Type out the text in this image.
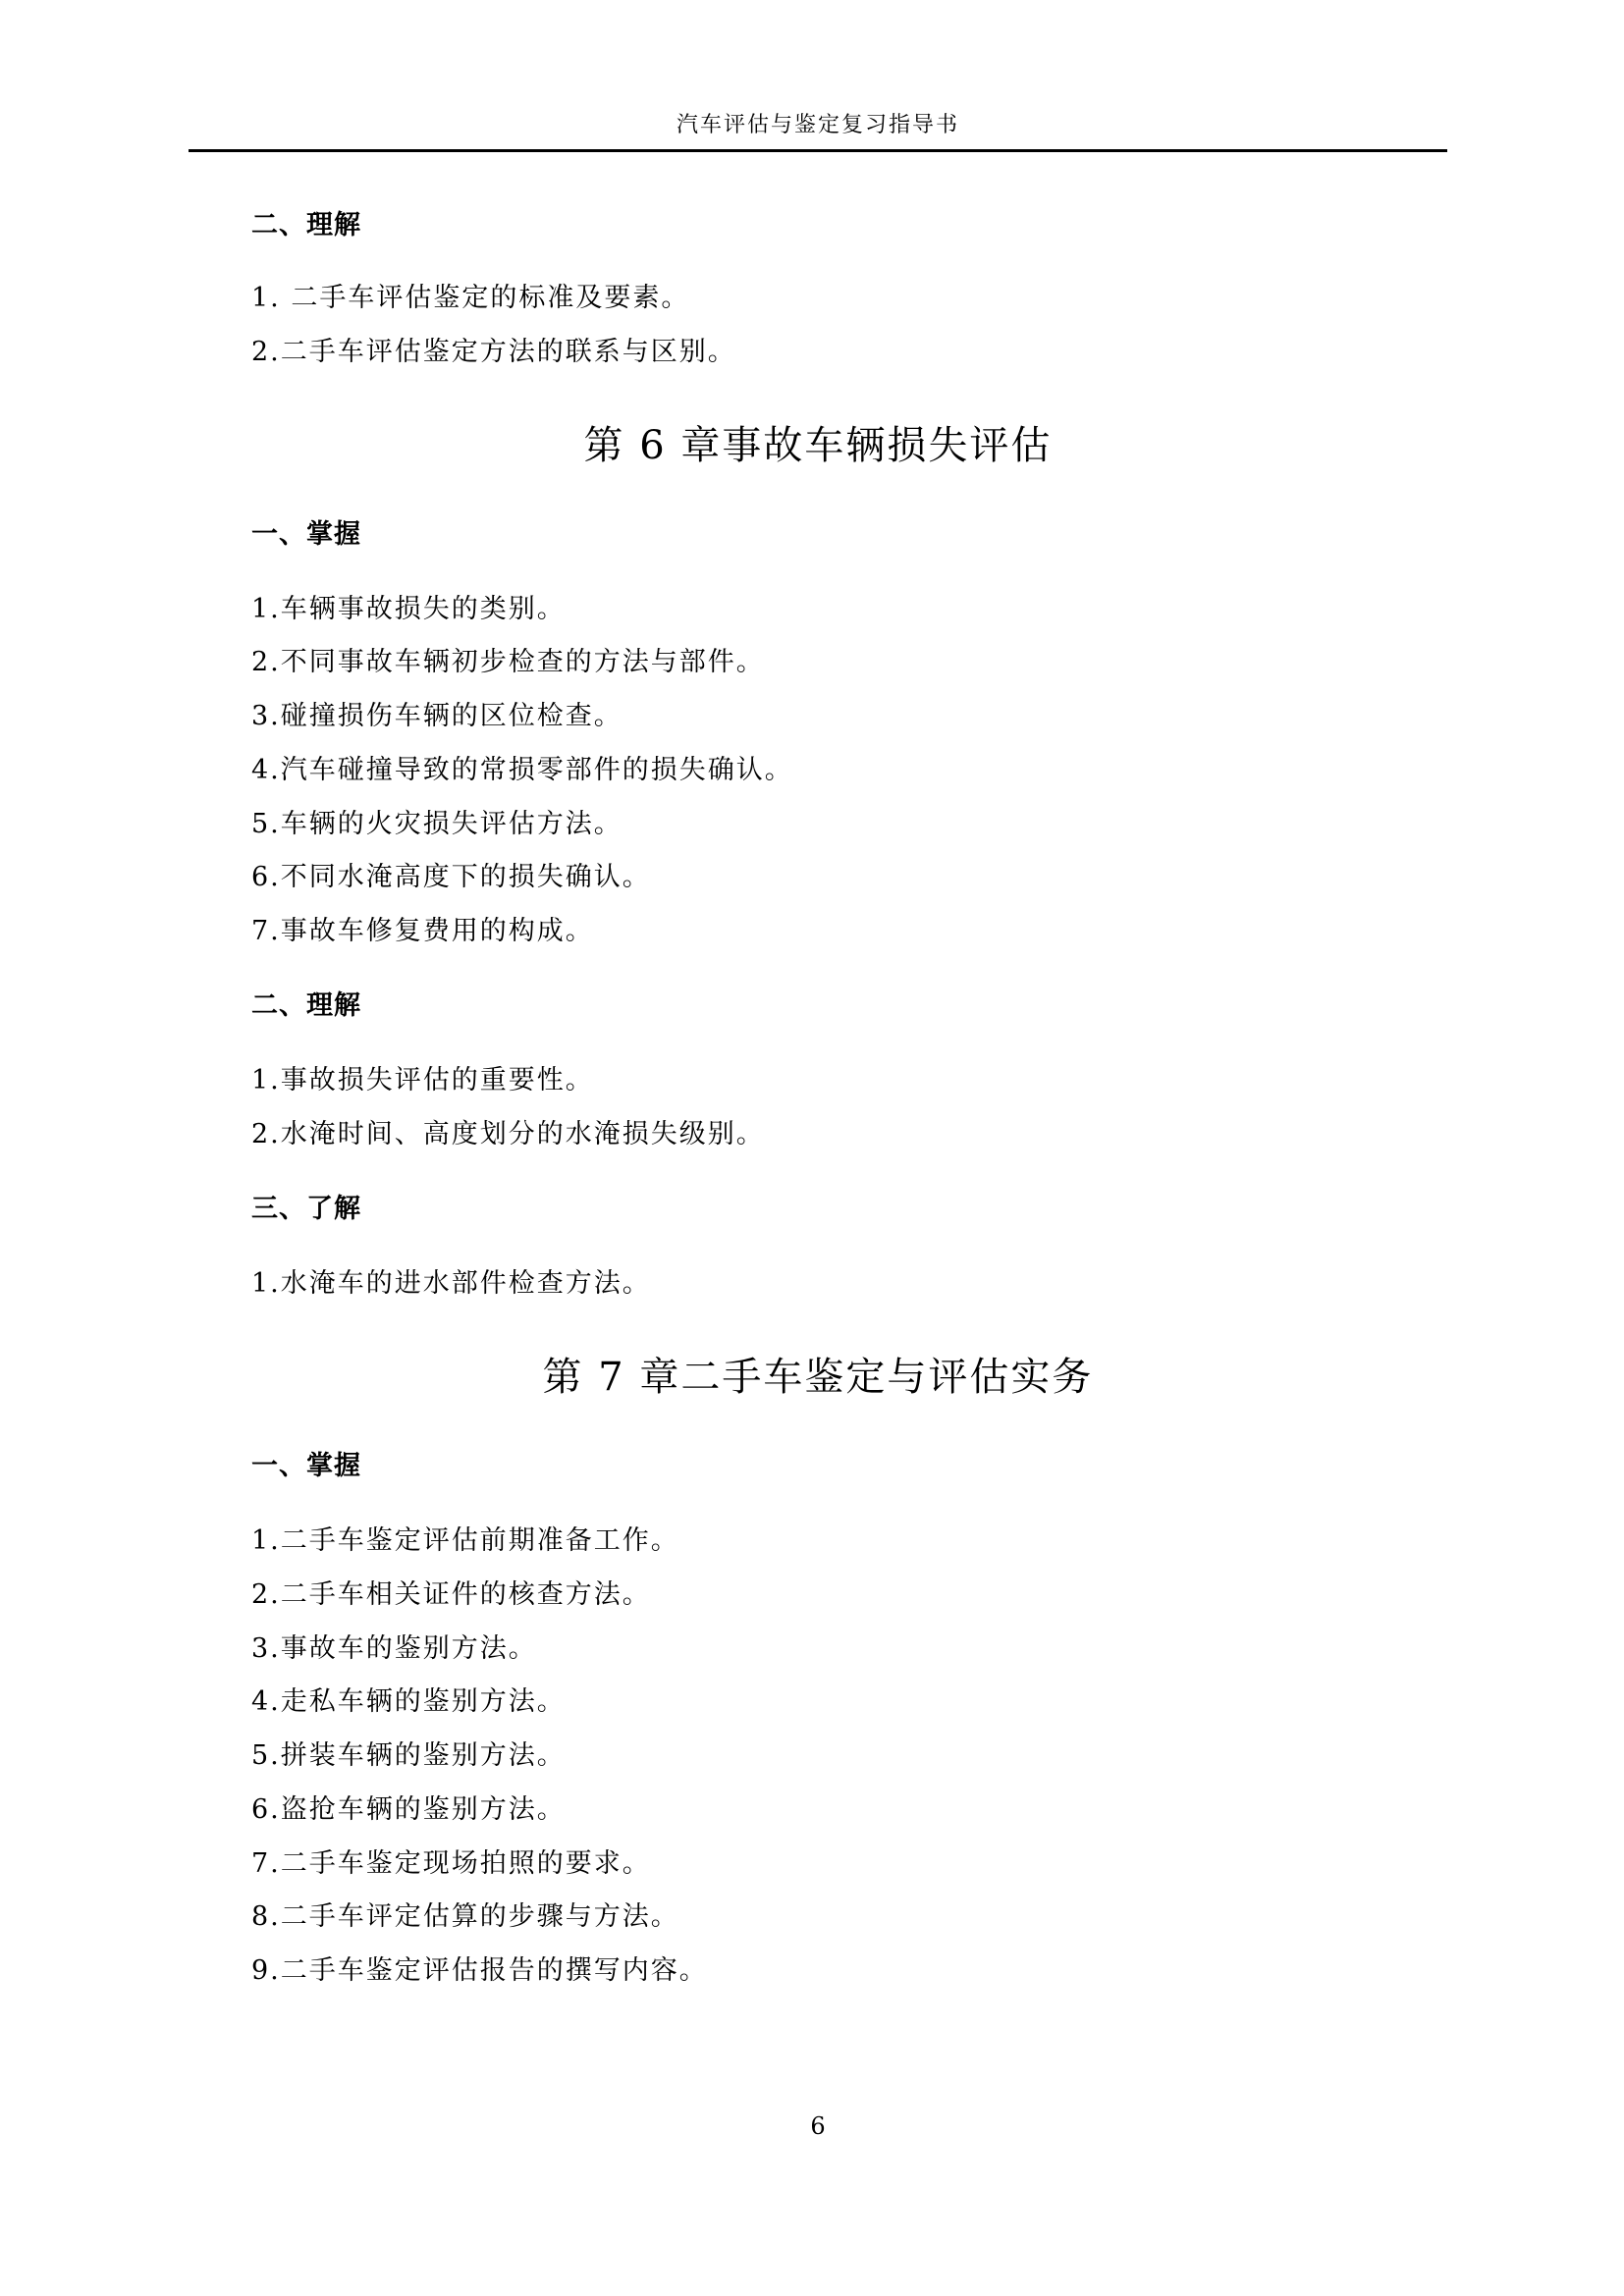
汽车评估与鉴定复习指导书
二、理解
1. 二手车评估鉴定的标准及要素。
2.二手车评估鉴定方法的联系与区别。
第 6 章事故车辆损失评估
一、掌握
1.车辆事故损失的类别。
2.不同事故车辆初步检查的方法与部件。
3.碰撞损伤车辆的区位检查。
4.汽车碰撞导致的常损零部件的损失确认。
5.车辆的火灾损失评估方法。
6.不同水淹高度下的损失确认。
7.事故车修复费用的构成。
二、理解
1.事故损失评估的重要性。
2.水淹时间、高度划分的水淹损失级别。
三、了解
1.水淹车的进水部件检查方法。
第 7 章二手车鉴定与评估实务
一、掌握
1.二手车鉴定评估前期准备工作。
2.二手车相关证件的核查方法。
3.事故车的鉴别方法。
4.走私车辆的鉴别方法。
5.拼装车辆的鉴别方法。
6.盗抢车辆的鉴别方法。
7.二手车鉴定现场拍照的要求。
8.二手车评定估算的步骤与方法。
9.二手车鉴定评估报告的撰写内容。
6
